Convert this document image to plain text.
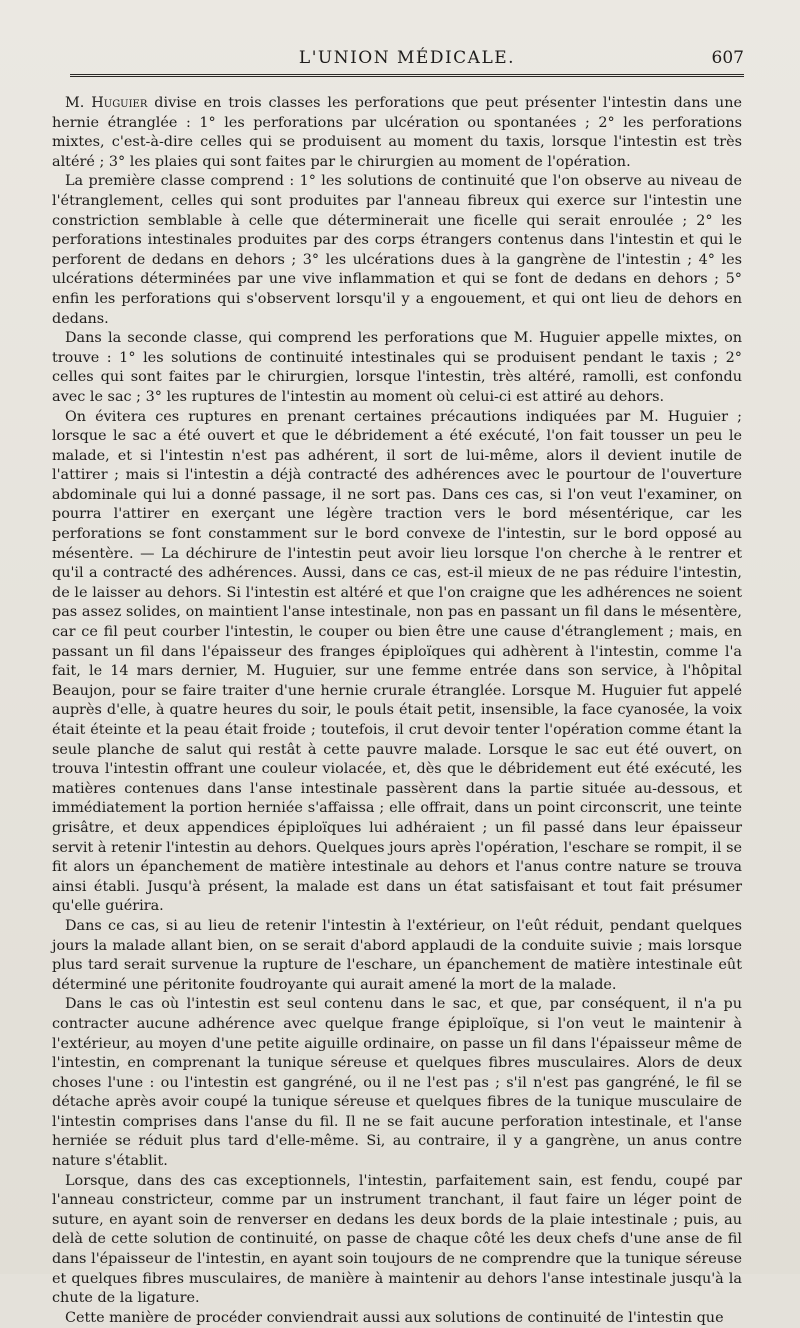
L'UNION MÉDICALE.	607

M. Huguier divise en trois classes les perforations que peut présenter l'intestin dans une hernie étranglée : 1° les perforations par ulcération ou spontanées ; 2° les perforations mixtes, c'est-à-dire celles qui se produisent au moment du taxis, lorsque l'intestin est très altéré ; 3° les plaies qui sont faites par le chirurgien au moment de l'opération.

La première classe comprend : 1° les solutions de continuité que l'on observe au niveau de l'étranglement, celles qui sont produites par l'anneau fibreux qui exerce sur l'intestin une constriction semblable à celle que déterminerait une ficelle qui serait enroulée ; 2° les perforations intestinales produites par des corps étrangers contenus dans l'intestin et qui le perforent de dedans en dehors ; 3° les ulcérations dues à la gangrène de l'intestin ; 4° les ulcérations déterminées par une vive inflammation et qui se font de dedans en dehors ; 5° enfin les perforations qui s'observent lorsqu'il y a engouement, et qui ont lieu de dehors en dedans.

Dans la seconde classe, qui comprend les perforations que M. Huguier appelle mixtes, on trouve : 1° les solutions de continuité intestinales qui se produisent pendant le taxis ; 2° celles qui sont faites par le chirurgien, lorsque l'intestin, très altéré, ramolli, est confondu avec le sac ; 3° les ruptures de l'intestin au moment où celui-ci est attiré au dehors.

On évitera ces ruptures en prenant certaines précautions indiquées par M. Huguier ; lorsque le sac a été ouvert et que le débridement a été exécuté, l'on fait tousser un peu le malade, et si l'intestin n'est pas adhérent, il sort de lui-même, alors il devient inutile de l'attirer ; mais si l'intestin a déjà contracté des adhérences avec le pourtour de l'ouverture abdominale qui lui a donné passage, il ne sort pas. Dans ces cas, si l'on veut l'examiner, on pourra l'attirer en exerçant une légère traction vers le bord mésentérique, car les perforations se font constamment sur le bord convexe de l'intestin, sur le bord opposé au mésentère. — La déchirure de l'intestin peut avoir lieu lorsque l'on cherche à le rentrer et qu'il a contracté des adhérences. Aussi, dans ce cas, est-il mieux de ne pas réduire l'intestin, de le laisser au dehors. Si l'intestin est altéré et que l'on craigne que les adhérences ne soient pas assez solides, on maintient l'anse intestinale, non pas en passant un fil dans le mésentère, car ce fil peut courber l'intestin, le couper ou bien être une cause d'étranglement ; mais, en passant un fil dans l'épaisseur des franges épiploïques qui adhèrent à l'intestin, comme l'a fait, le 14 mars dernier, M. Huguier, sur une femme entrée dans son service, à l'hôpital Beaujon, pour se faire traiter d'une hernie crurale étranglée. Lorsque M. Huguier fut appelé auprès d'elle, à quatre heures du soir, le pouls était petit, insensible, la face cyanosée, la voix était éteinte et la peau était froide ; toutefois, il crut devoir tenter l'opération comme étant la seule planche de salut qui restât à cette pauvre malade. Lorsque le sac eut été ouvert, on trouva l'intestin offrant une couleur violacée, et, dès que le débridement eut été exécuté, les matières contenues dans l'anse intestinale passèrent dans la partie située au-dessous, et immédiatement la portion herniée s'affaissa ; elle offrait, dans un point circonscrit, une teinte grisâtre, et deux appendices épiploïques lui adhéraient ; un fil passé dans leur épaisseur servit à retenir l'intestin au dehors. Quelques jours après l'opération, l'eschare se rompit, il se fit alors un épanchement de matière intestinale au dehors et l'anus contre nature se trouva ainsi établi. Jusqu'à présent, la malade est dans un état satisfaisant et tout fait présumer qu'elle guérira.

Dans ce cas, si au lieu de retenir l'intestin à l'extérieur, on l'eût réduit, pendant quelques jours la malade allant bien, on se serait d'abord applaudi de la conduite suivie ; mais lorsque plus tard serait survenue la rupture de l'eschare, un épanchement de matière intestinale eût déterminé une péritonite foudroyante qui aurait amené la mort de la malade.

Dans le cas où l'intestin est seul contenu dans le sac, et que, par conséquent, il n'a pu contracter aucune adhérence avec quelque frange épiploïque, si l'on veut le maintenir à l'extérieur, au moyen d'une petite aiguille ordinaire, on passe un fil dans l'épaisseur même de l'intestin, en comprenant la tunique séreuse et quelques fibres musculaires. Alors de deux choses l'une : ou l'intestin est gangréné, ou il ne l'est pas ; s'il n'est pas gangréné, le fil se détache après avoir coupé la tunique séreuse et quelques fibres de la tunique musculaire de l'intestin comprises dans l'anse du fil. Il ne se fait aucune perforation intestinale, et l'anse herniée se réduit plus tard d'elle-même. Si, au contraire, il y a gangrène, un anus contre nature s'établit.

Lorsque, dans des cas exceptionnels, l'intestin, parfaitement sain, est fendu, coupé par l'anneau constricteur, comme par un instrument tranchant, il faut faire un léger point de suture, en ayant soin de renverser en dedans les deux bords de la plaie intestinale ; puis, au delà de cette solution de continuité, on passe de chaque côté les deux chefs d'une anse de fil dans l'épaisseur de l'intestin, en ayant soin toujours de ne comprendre que la tunique séreuse et quelques fibres musculaires, de manière à maintenir au dehors l'anse intestinale jusqu'à la chute de la ligature.

Cette manière de procéder conviendrait aussi aux solutions de continuité de l'intestin que
